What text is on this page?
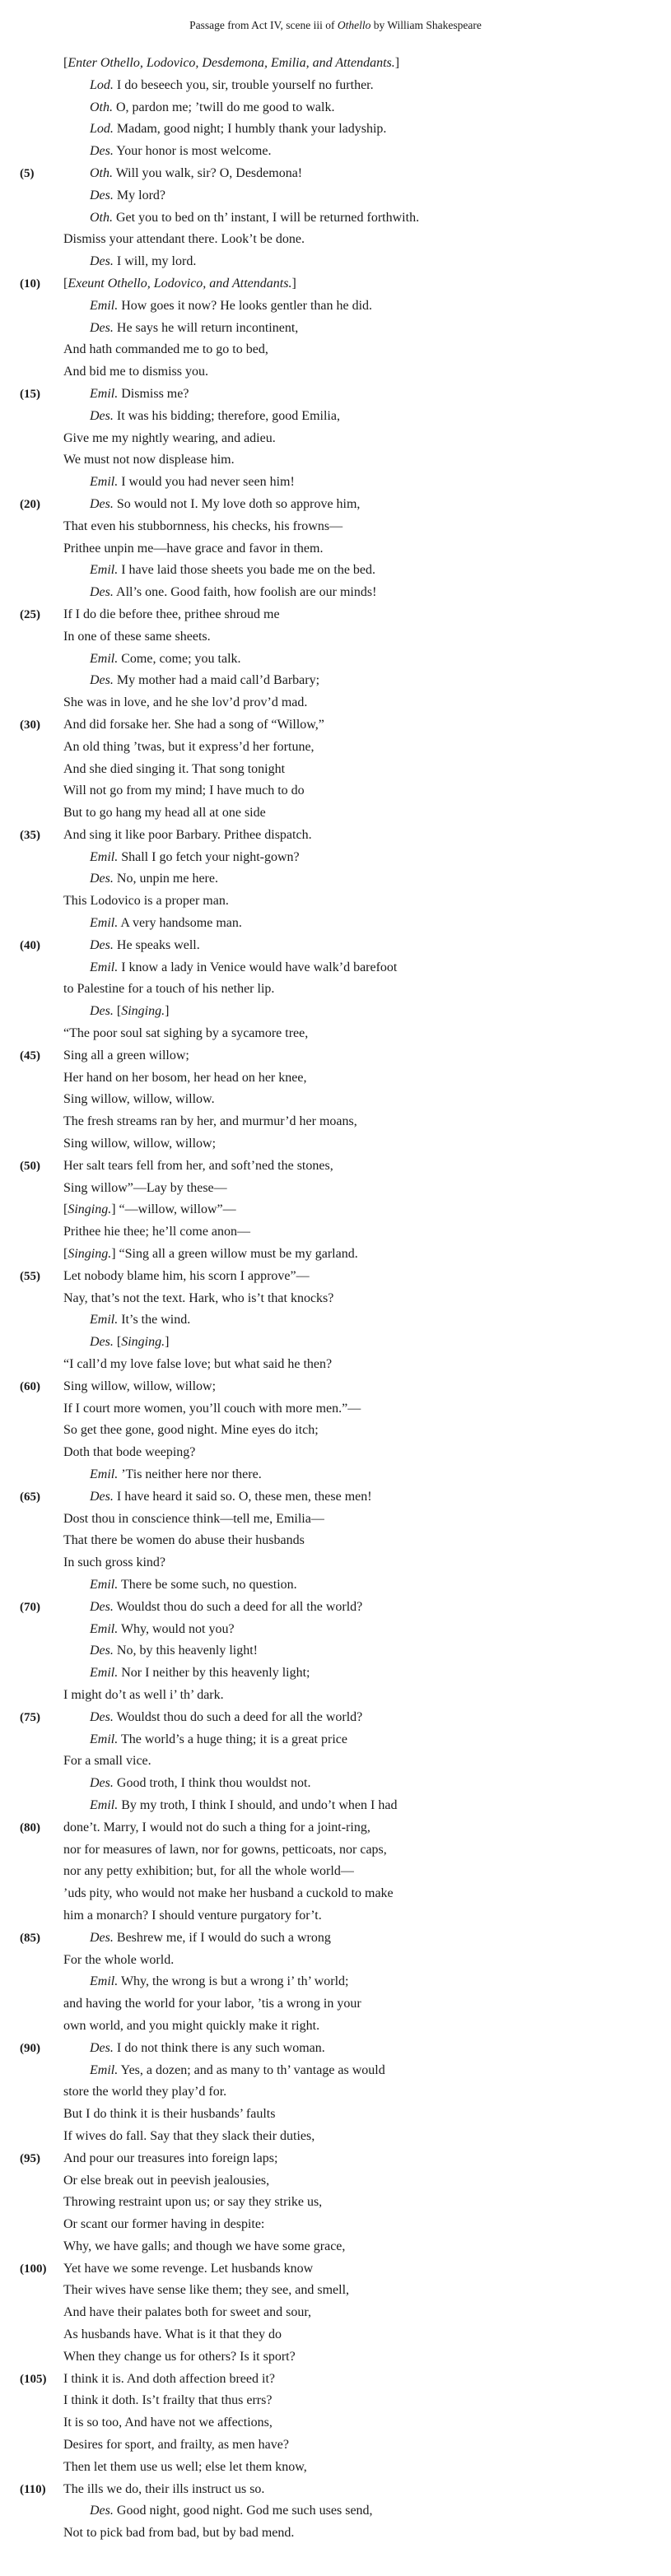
Passage from Act IV, scene iii of Othello by William Shakespeare
[Enter Othello, Lodovico, Desdemona, Emilia, and Attendants.]
Lod. I do beseech you, sir, trouble yourself no further.
Oth. O, pardon me; ’twill do me good to walk.
Lod. Madam, good night; I humbly thank your ladyship.
Des. Your honor is most welcome.
(5)	Oth. Will you walk, sir? O, Desdemona!
Des. My lord?
Oth. Get you to bed on th’ instant, I will be returned forthwith.
Dismiss your attendant there. Look’t be done.
Des. I will, my lord.
(10)	[Exeunt Othello, Lodovico, and Attendants.]
Emil. How goes it now? He looks gentler than he did.
Des. He says he will return incontinent,
And hath commanded me to go to bed,
And bid me to dismiss you.
(15)	Emil. Dismiss me?
Des. It was his bidding; therefore, good Emilia,
Give me my nightly wearing, and adieu.
We must not now displease him.
Emil. I would you had never seen him!
(20)	Des. So would not I. My love doth so approve him,
That even his stubbornness, his checks, his frowns—
Prithee unpin me—have grace and favor in them.
Emil. I have laid those sheets you bade me on the bed.
Des. All’s one. Good faith, how foolish are our minds!
(25)	If I do die before thee, prithee shroud me
In one of these same sheets.
Emil. Come, come; you talk.
Des. My mother had a maid call’d Barbary;
She was in love, and he she lov’d prov’d mad.
(30)	And did forsake her. She had a song of “Willow,”
An old thing ’twas, but it express’d her fortune,
And she died singing it. That song tonight
Will not go from my mind; I have much to do
But to go hang my head all at one side
(35)	And sing it like poor Barbary. Prithee dispatch.
Emil. Shall I go fetch your night-gown?
Des. No, unpin me here.
This Lodovico is a proper man.
Emil. A very handsome man.
(40)	Des. He speaks well.
Emil. I know a lady in Venice would have walk’d barefoot
to Palestine for a touch of his nether lip.
Des. [Singing.]
“The poor soul sat sighing by a sycamore tree,
(45)	Sing all a green willow;
Her hand on her bosom, her head on her knee,
Sing willow, willow, willow.
The fresh streams ran by her, and murmur’d her moans,
Sing willow, willow, willow;
(50)	Her salt tears fell from her, and soft’ned the stones,
Sing willow”—Lay by these—
[Singing.] “—willow, willow”—
Prithee hie thee; he’ll come anon—
[Singing.] “Sing all a green willow must be my garland.
(55)	Let nobody blame him, his scorn I approve”—
Nay, that’s not the text. Hark, who is’t that knocks?
Emil. It’s the wind.
Des. [Singing.]
“I call’d my love false love; but what said he then?
(60)	Sing willow, willow, willow;
If I court more women, you’ll couch with more men.”—
So get thee gone, good night. Mine eyes do itch;
Doth that bode weeping?
Emil. ’Tis neither here nor there.
(65)	Des. I have heard it said so. O, these men, these men!
Dost thou in conscience think—tell me, Emilia—
That there be women do abuse their husbands
In such gross kind?
Emil. There be some such, no question.
(70)	Des. Wouldst thou do such a deed for all the world?
Emil. Why, would not you?
Des. No, by this heavenly light!
Emil. Nor I neither by this heavenly light;
I might do’t as well i’ th’ dark.
(75)	Des. Wouldst thou do such a deed for all the world?
Emil. The world’s a huge thing; it is a great price
For a small vice.
Des. Good troth, I think thou wouldst not.
Emil. By my troth, I think I should, and undo’t when I had
(80)	done’t. Marry, I would not do such a thing for a joint-ring,
nor for measures of lawn, nor for gowns, petticoats, nor caps,
nor any petty exhibition; but, for all the whole world—
’uds pity, who would not make her husband a cuckold to make
him a monarch? I should venture purgatory for’t.
(85)	Des. Beshrew me, if I would do such a wrong
For the whole world.
Emil. Why, the wrong is but a wrong i’ th’ world;
and having the world for your labor, ’tis a wrong in your
own world, and you might quickly make it right.
(90)	Des. I do not think there is any such woman.
Emil. Yes, a dozen; and as many to th’ vantage as would
store the world they play’d for.
But I do think it is their husbands’ faults
If wives do fall. Say that they slack their duties,
(95)	And pour our treasures into foreign laps;
Or else break out in peevish jealousies,
Throwing restraint upon us; or say they strike us,
Or scant our former having in despite:
Why, we have galls; and though we have some grace,
(100)	Yet have we some revenge. Let husbands know
Their wives have sense like them; they see, and smell,
And have their palates both for sweet and sour,
As husbands have. What is it that they do
When they change us for others? Is it sport?
(105)	I think it is. And doth affection breed it?
I think it doth. Is’t frailty that thus errs?
It is so too, And have not we affections,
Desires for sport, and frailty, as men have?
Then let them use us well; else let them know,
(110)	The ills we do, their ills instruct us so.
Des. Good night, good night. God me such uses send,
Not to pick bad from bad, but by bad mend.
